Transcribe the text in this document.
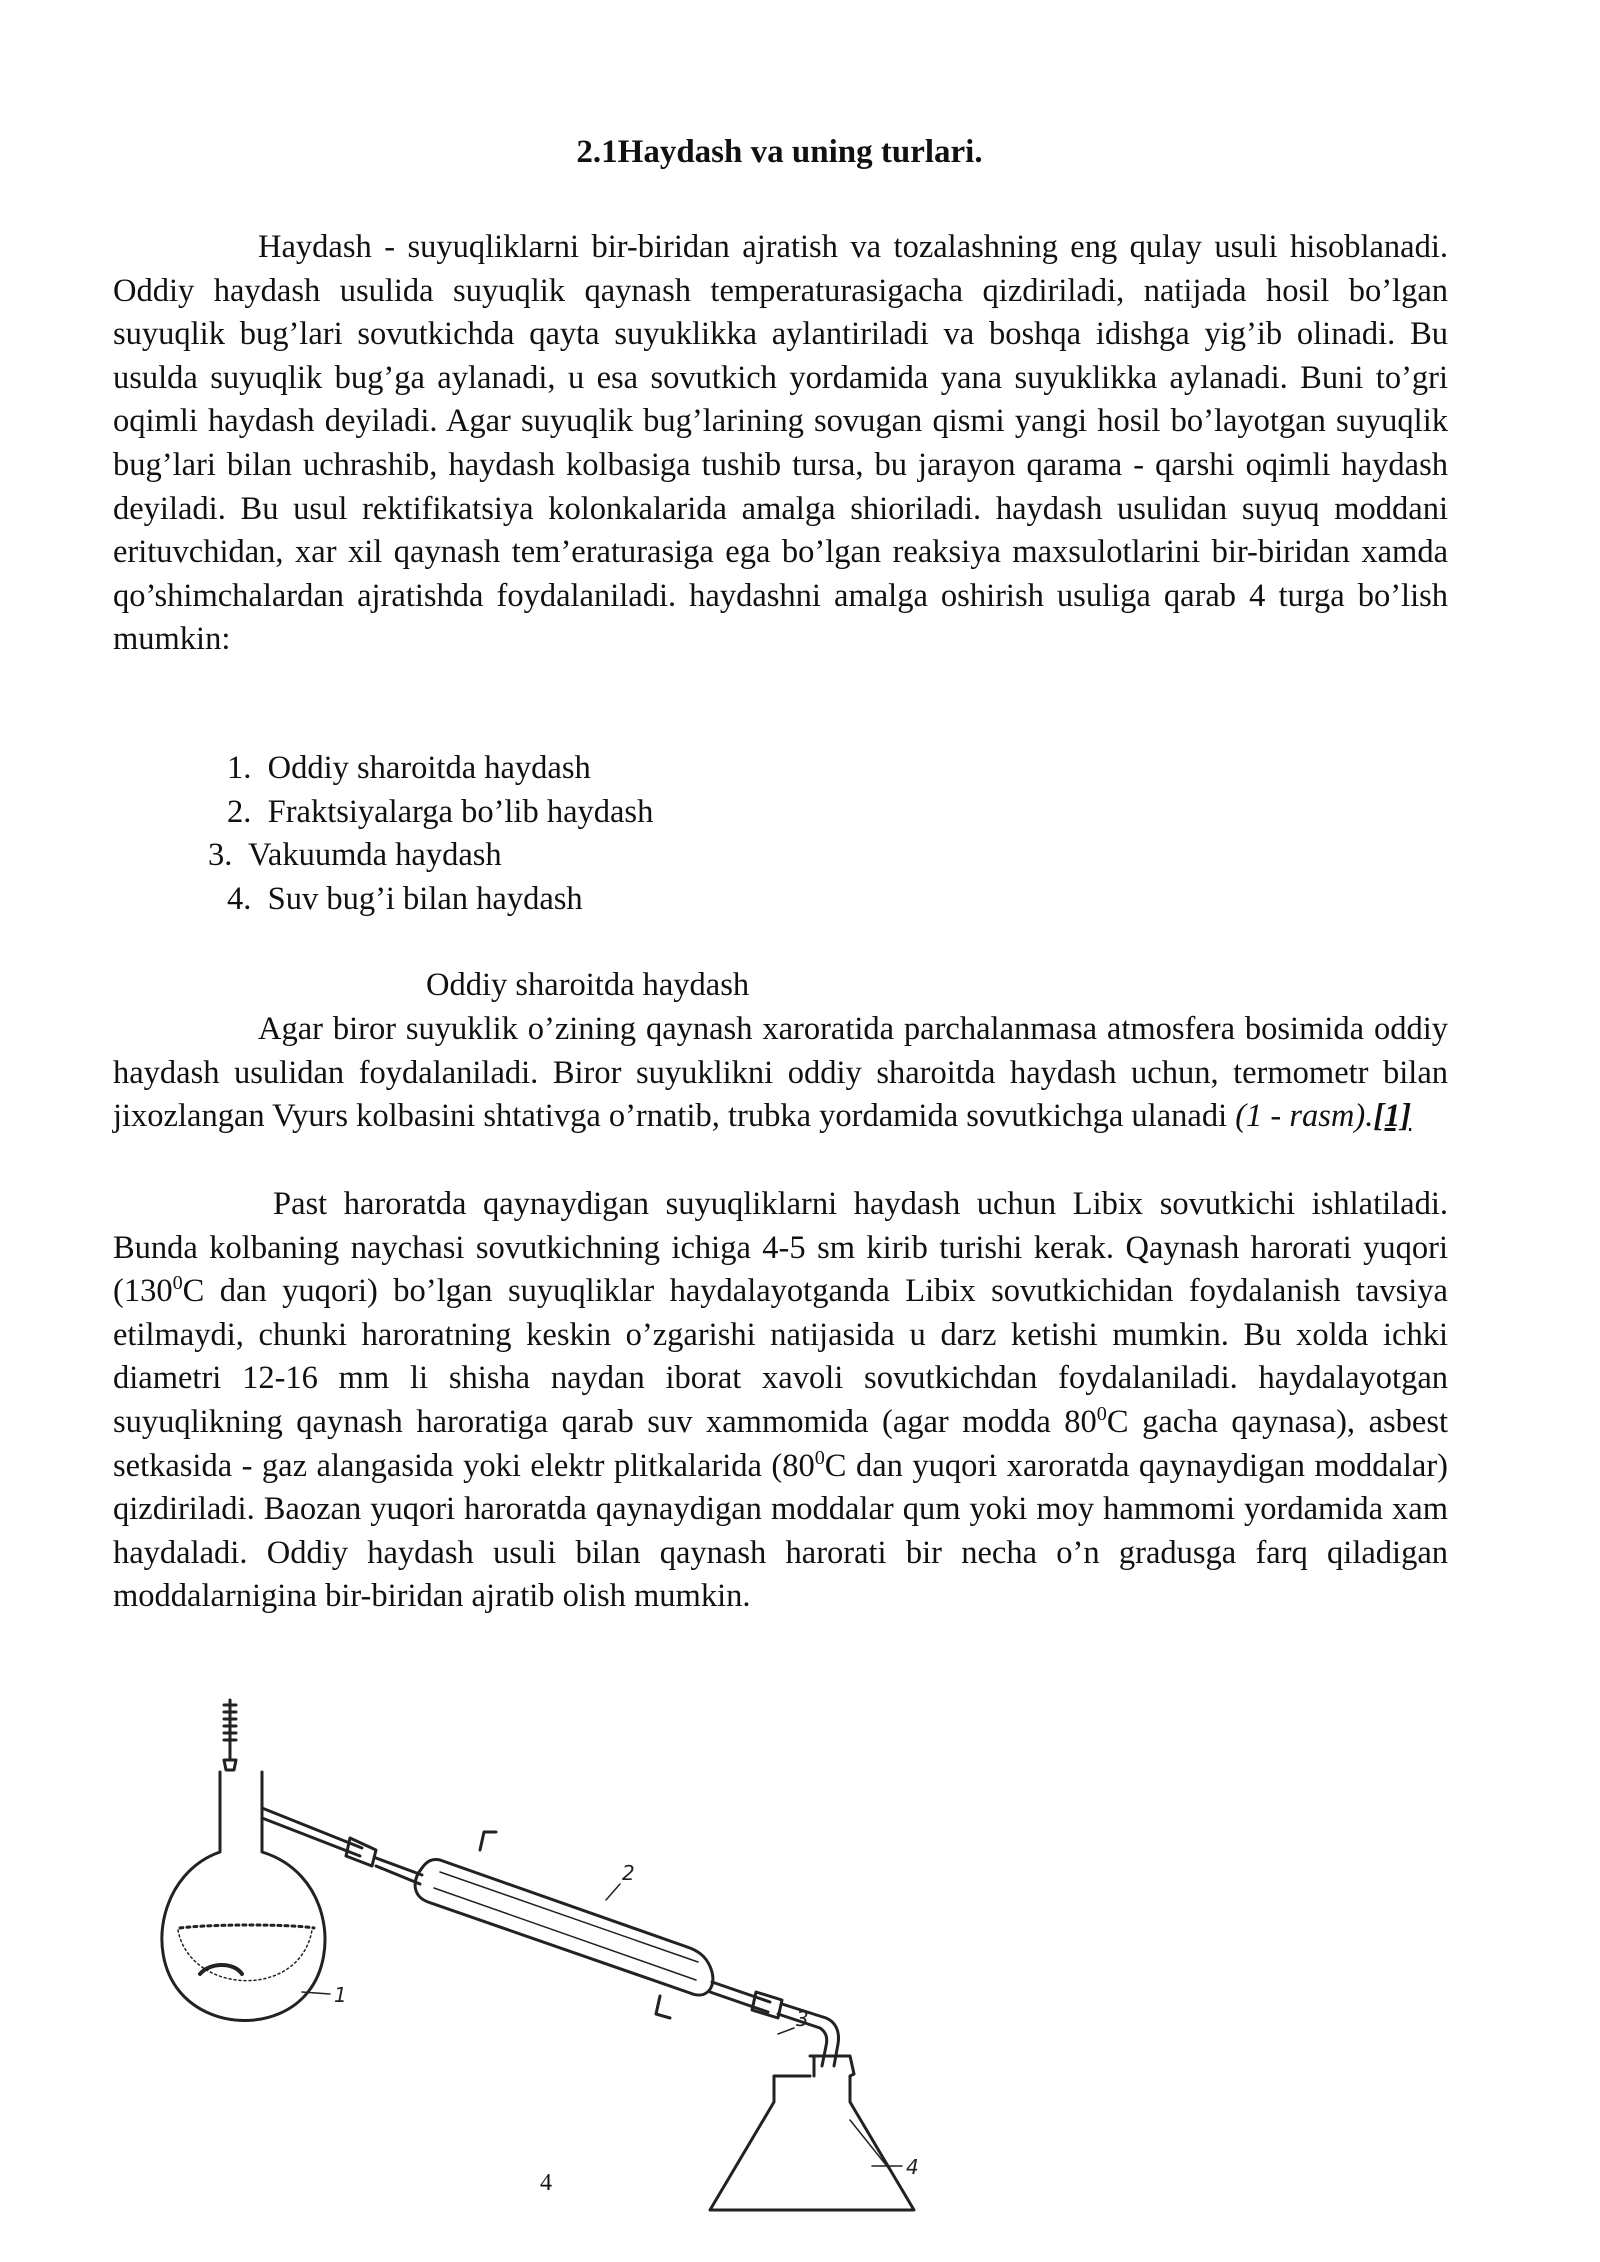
2.1Haydash va uning turlari.

Haydash - suyuqliklarni bir-biridan ajratish va tozalashning eng qulay usuli hisoblanadi. Oddiy haydash usulida suyuqlik qaynash temperaturasigacha qizdiriladi, natijada hosil bo’lgan suyuqlik bug’lari sovutkichda qayta suyuklikka aylantiriladi va boshqa idishga yig’ib olinadi. Bu usulda suyuqlik bug’ga aylanadi, u esa sovutkich yordamida yana suyuklikka aylanadi. Buni to’gri oqimli haydash deyiladi. Agar suyuqlik bug’larining sovugan qismi yangi hosil bo’layotgan suyuqlik bug’lari bilan uchrashib, haydash kolbasiga tushib tursa, bu jarayon qarama - qarshi oqimli haydash deyiladi. Bu usul rektifikatsiya kolonkalarida amalga shioriladi. haydash usulidan suyuq moddani erituvchidan, xar xil qaynash tem’eraturasiga ega bo’lgan reaksiya maxsulotlarini bir-biridan xamda qo’shimchalardan ajratishda foydalaniladi. haydashni amalga oshirish usuliga qarab 4 turga bo’lish mumkin:

1. Oddiy sharoitda haydash
2. Fraktsiyalarga bo’lib haydash
3. Vakuumda haydash
4. Suv bug’i bilan haydash

Oddiy sharoitda haydash

Agar biror suyuklik o’zining qaynash xaroratida parchalanmasa atmosfera bosimida oddiy haydash usulidan foydalaniladi. Biror suyuklikni oddiy sharoitda haydash uchun, termometr bilan jixozlangan Vyurs kolbasini shtativga o’rnatib, trubka yordamida sovutkichga ulanadi (1 - rasm).[1]

Past haroratda qaynaydigan suyuqliklarni haydash uchun Libix sovutkichi ishlatiladi. Bunda kolbaning naychasi sovutkichning ichiga 4-5 sm kirib turishi kerak. Qaynash harorati yuqori ($130^0C$ dan yuqori) bo’lgan suyuqliklar haydalayotganda Libix sovutkichidan foydalanish tavsiya etilmaydi, chunki haroratning keskin o’zgarishi natijasida u darz ketishi mumkin. Bu xolda ichki diametri 12-16 mm li shisha naydan iborat xavoli sovutkichdan foydalaniladi. haydalayotgan suyuqlikning qaynash haroratiga qarab suv xammomida (agar modda $80^0C$ gacha qaynasa), asbest setkasida - gaz alangasida yoki elektr plitkalarida ($80^0C$ dan yuqori xaroratda qaynaydigan moddalar) qizdiriladi. Baozan yuqori haroratda qaynaydigan moddalar qum yoki moy hammomi yordamida xam haydaladi. Oddiy haydash usuli bilan qaynash harorati bir necha o’n gradusga farq qiladigan moddalarnigina bir-biridan ajratib olish mumkin.

1
2
3
4
4
